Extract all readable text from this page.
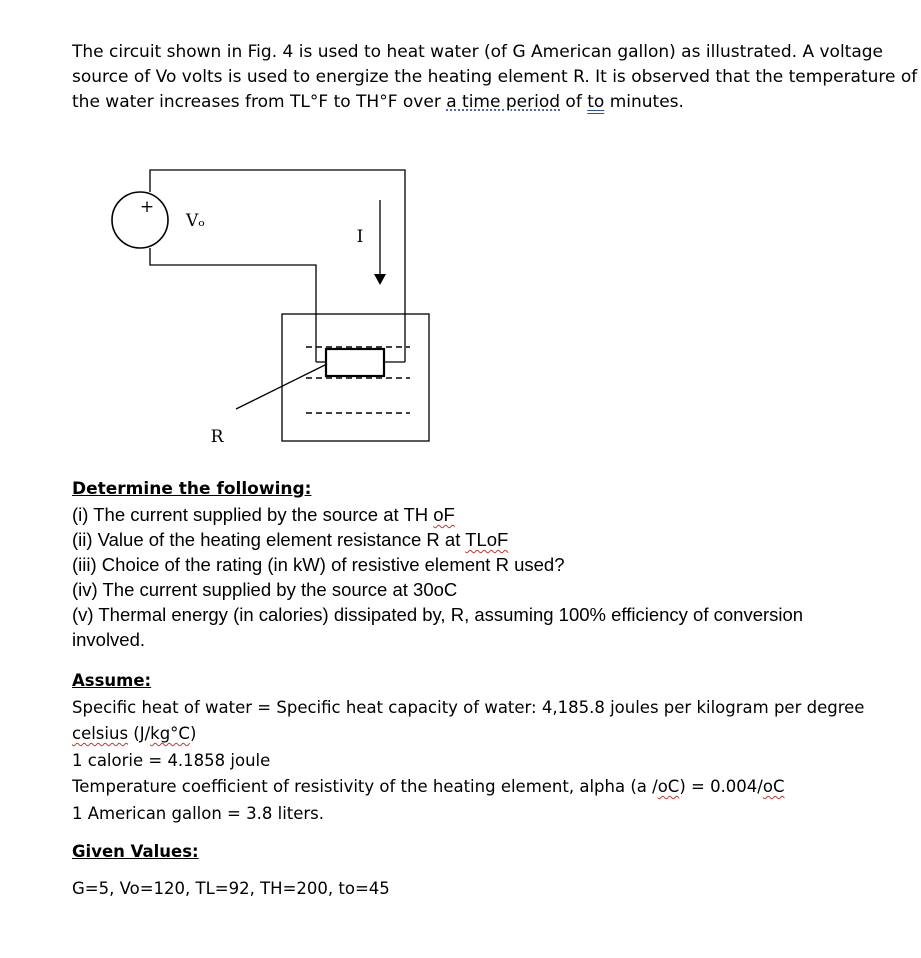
The circuit shown in Fig. 4 is used to heat water (of G American gallon) as illustrated. A voltage
source of Vo volts is used to energize the heating element R. It is observed that the temperature of
the water increases from TL°F to TH°F over a time period of to minutes.
+
Vₒ
I
R
Determine the following:
(i) The current supplied by the source at TH oF
(ii) Value of the heating element resistance R at TLoF
(iii) Choice of the rating (in kW) of resistive element R used?
(iv) The current supplied by the source at 30oC
(v) Thermal energy (in calories) dissipated by, R, assuming 100% efficiency of conversion
involved.
Assume:
Specific heat of water = Specific heat capacity of water: 4,185.8 joules per kilogram per degree
celsius (J/kg°C)
1 calorie = 4.1858 joule
Temperature coefficient of resistivity of the heating element, alpha (a /oC) = 0.004/oC
1 American gallon = 3.8 liters.
Given Values:
G=5, Vo=120, TL=92, TH=200, to=45
